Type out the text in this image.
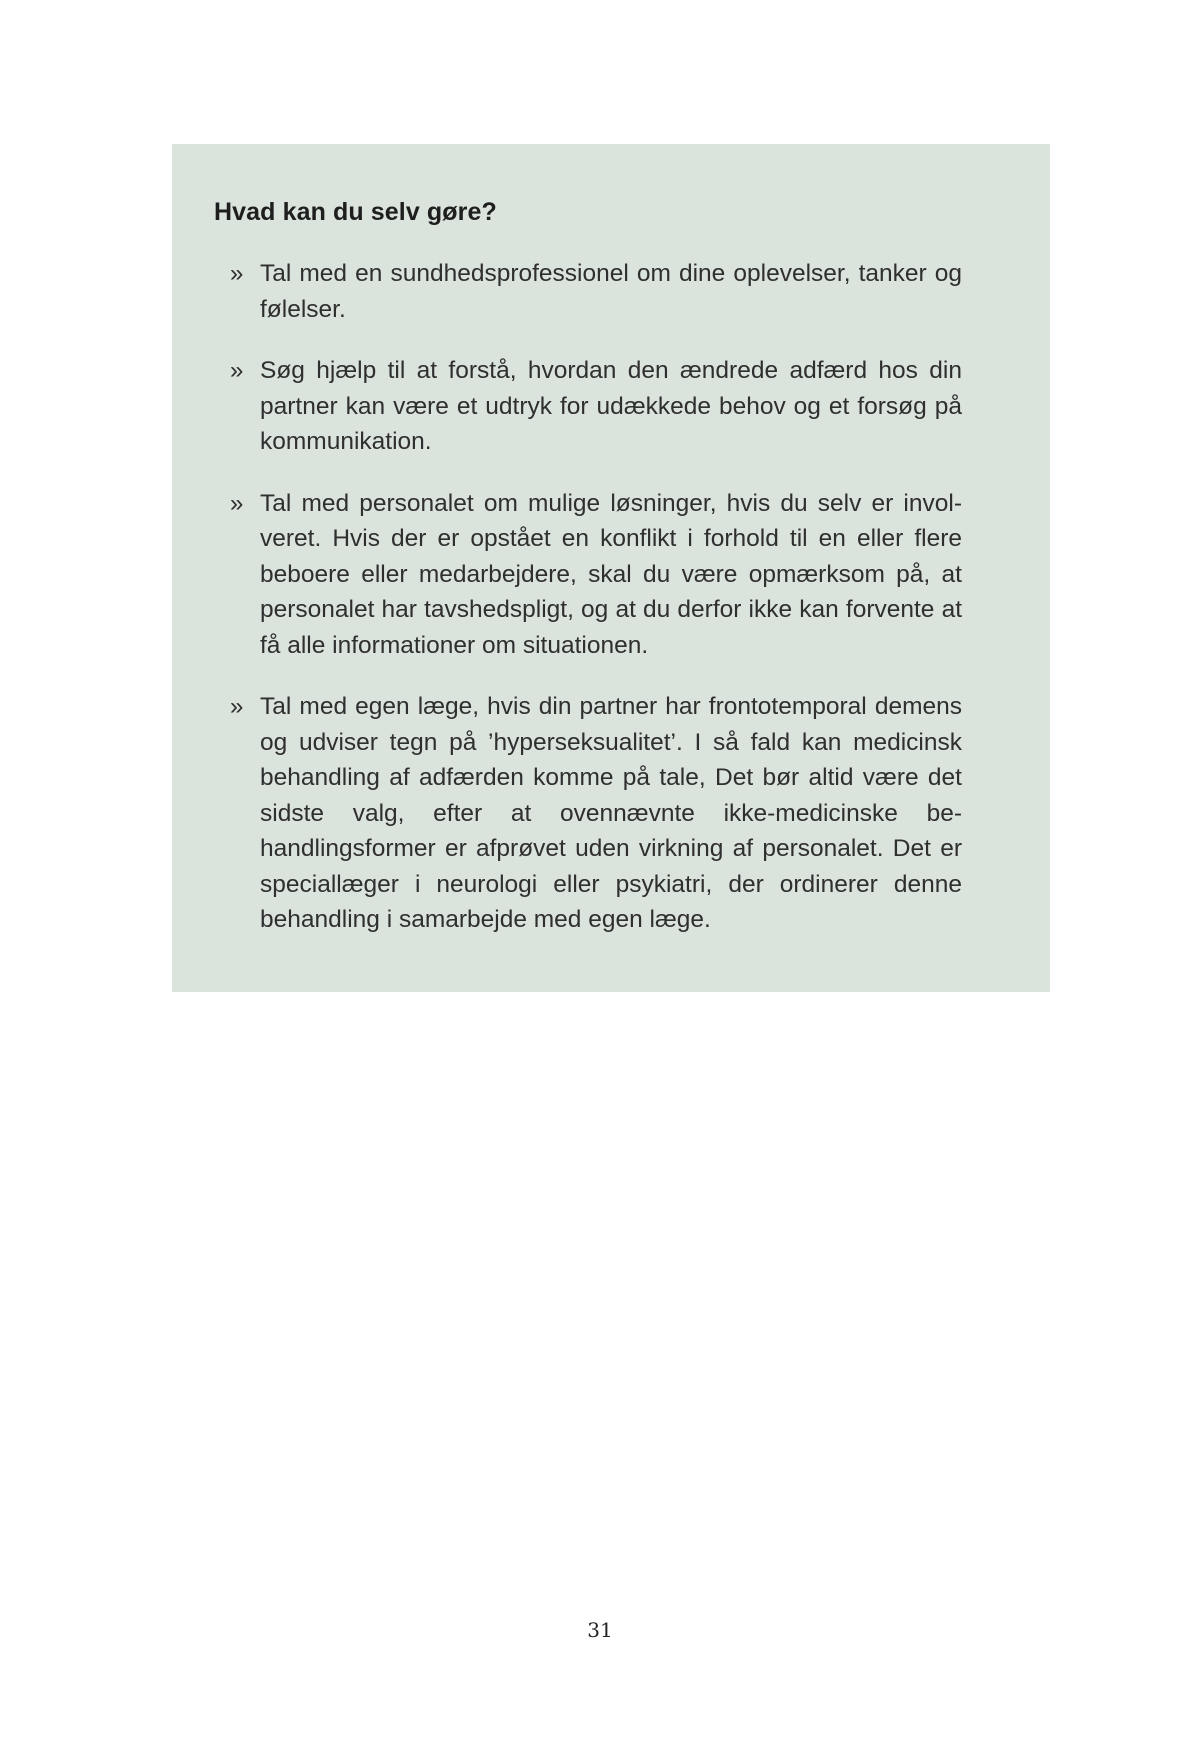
Hvad kan du selv gøre?
» Tal med en sundhedsprofessionel om dine oplevelser, tanker og følelser.
» Søg hjælp til at forstå, hvordan den ændrede adfærd hos din partner kan være et udtryk for udækkede behov og et forsøg på kommunikation.
» Tal med personalet om mulige løsninger, hvis du selv er involveret. Hvis der er opstået en konflikt i forhold til en eller flere beboere eller medarbejdere, skal du være opmærksom på, at personalet har tavshedspligt, og at du derfor ikke kan forvente at få alle informationer om situationen.
» Tal med egen læge, hvis din partner har frontotemporal demens og udviser tegn på ’hyperseksualitet’. I så fald kan medicinsk behandling af adfærden komme på tale, Det bør altid være det sidste valg, efter at ovennævnte ikke-medicinske behandlingsformer er afprøvet uden virkning af personalet. Det er speciallæger i neurologi eller psykiatri, der ordinerer denne behandling i samarbejde med egen læge.
31
